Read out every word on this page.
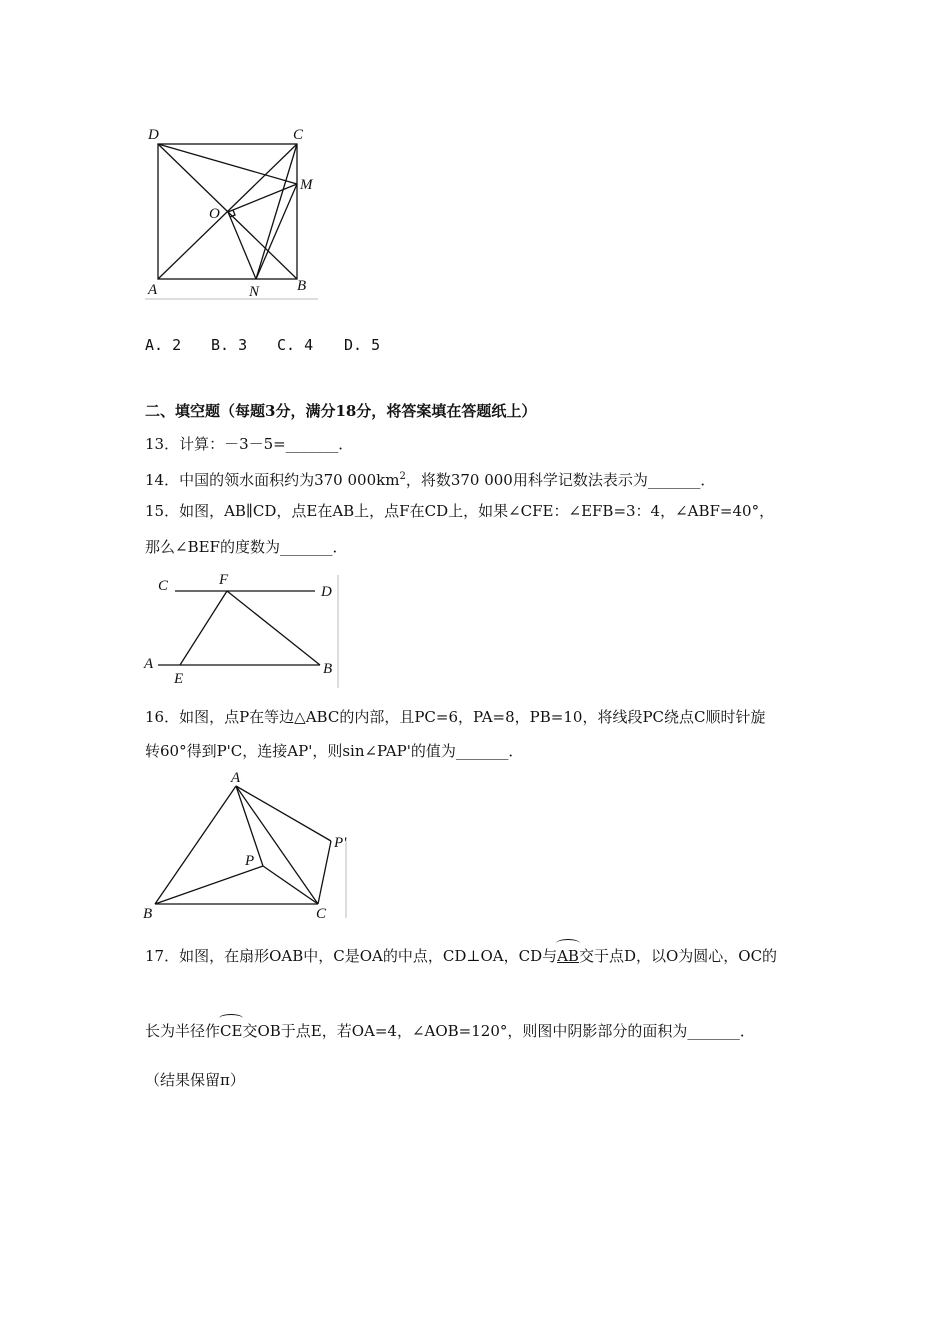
D	C
M
O
A	N	B
A. 2 B. 3 C. 4 D. 5
二、填空题（每题3分，满分18分，将答案填在答题纸上）
13．计算：－3－5=_______．
14．中国的领水面积约为370 $000km^2$，将数370 000用科学记数法表示为_______．
15．如图，AB∥CD，点E在AB上，点F在CD上，如果∠CFE：∠EFB=3：4，∠ABF=40°，
那么∠BEF的度数为_______．
C	F
D
A
E
B
16．如图，点P在等边△ABC的内部，且PC=6，PA=8，PB=10，将线段PC绕点C顺时针旋
转60°得到P'C，连接AP'，则sin∠PAP'的值为_______．
A
P'
P
B	C
17．如图，在扇形OAB中，C是OA的中点，CD⊥OA，CD与AB交于点D，以O为圆心，OC的
长为半径作CE交OB于点E，若OA=4，∠AOB=120°，则图中阴影部分的面积为_______．
（结果保留π）
